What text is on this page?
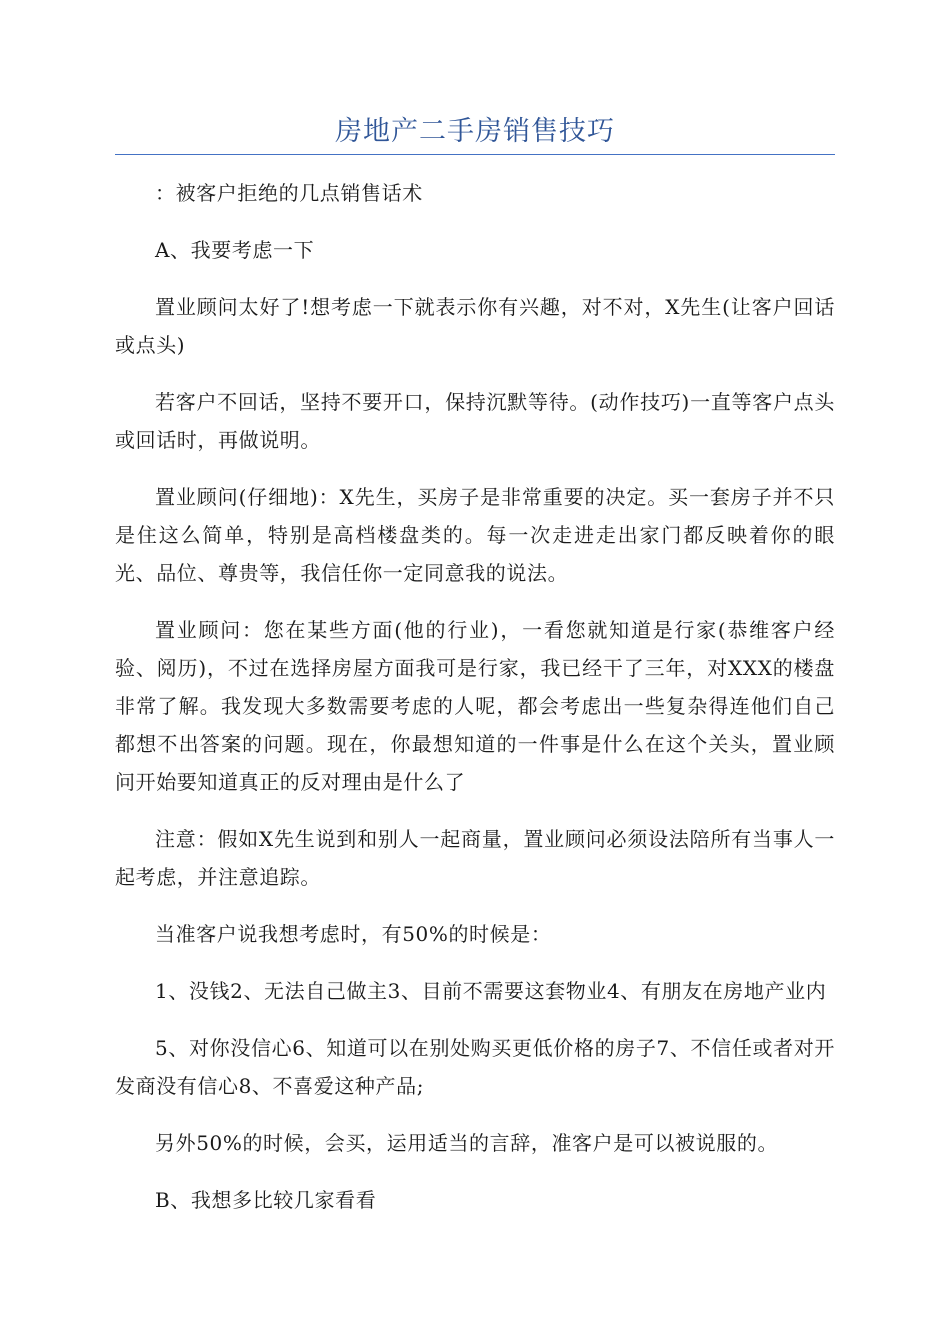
房地产二手房销售技巧

：被客户拒绝的几点销售话术

A、我要考虑一下

置业顾问太好了!想考虑一下就表示你有兴趣，对不对，X先生(让客户回话或点头)

若客户不回话，坚持不要开口，保持沉默等待。(动作技巧)一直等客户点头或回话时，再做说明。

置业顾问(仔细地)：X先生，买房子是非常重要的决定。买一套房子并不只是住这么简单，特别是高档楼盘类的。每一次走进走出家门都反映着你的眼光、品位、尊贵等，我信任你一定同意我的说法。

置业顾问：您在某些方面(他的行业)，一看您就知道是行家(恭维客户经验、阅历)，不过在选择房屋方面我可是行家，我已经干了三年，对XXX的楼盘非常了解。我发现大多数需要考虑的人呢，都会考虑出一些复杂得连他们自己都想不出答案的问题。现在，你最想知道的一件事是什么在这个关头，置业顾问开始要知道真正的反对理由是什么了

注意：假如X先生说到和别人一起商量，置业顾问必须设法陪所有当事人一起考虑，并注意追踪。

当准客户说我想考虑时，有50%的时候是：

1、没钱2、无法自己做主3、目前不需要这套物业4、有朋友在房地产业内

5、对你没信心6、知道可以在别处购买更低价格的房子7、不信任或者对开发商没有信心8、不喜爱这种产品;

另外50%的时候，会买，运用适当的言辞，准客户是可以被说服的。

B、我想多比较几家看看
